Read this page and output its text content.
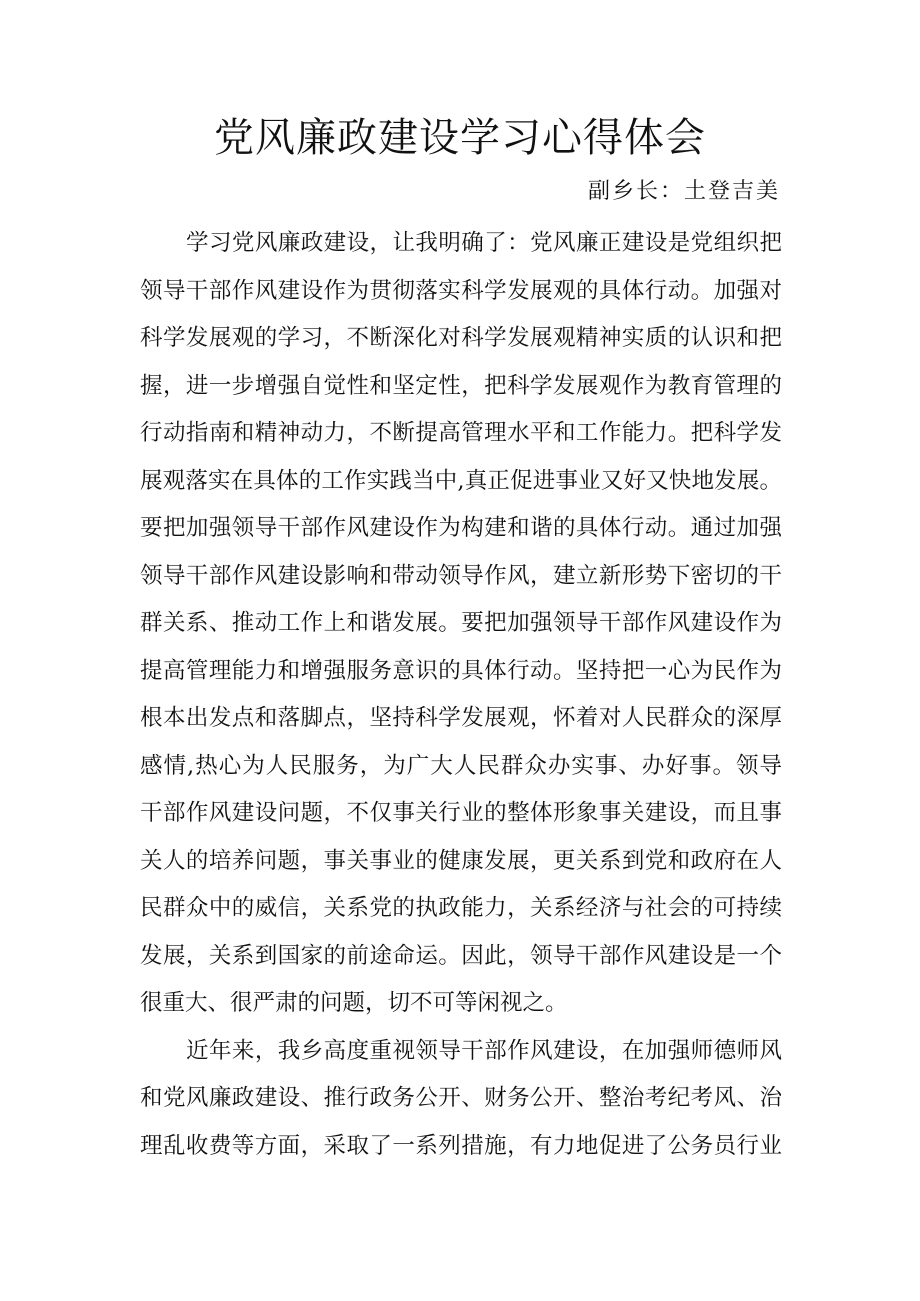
党风廉政建设学习心得体会
副乡长：土登吉美
学习党风廉政建设，让我明确了：党风廉正建设是党组织把
领导干部作风建设作为贯彻落实科学发展观的具体行动。加强对
科学发展观的学习，不断深化对科学发展观精神实质的认识和把
握，进一步增强自觉性和坚定性，把科学发展观作为教育管理的
行动指南和精神动力，不断提高管理水平和工作能力。把科学发
展观落实在具体的工作实践当中,真正促进事业又好又快地发展。
要把加强领导干部作风建设作为构建和谐的具体行动。通过加强
领导干部作风建设影响和带动领导作风，建立新形势下密切的干
群关系、推动工作上和谐发展。要把加强领导干部作风建设作为
提高管理能力和增强服务意识的具体行动。坚持把一心为民作为
根本出发点和落脚点，坚持科学发展观，怀着对人民群众的深厚
感情,热心为人民服务，为广大人民群众办实事、办好事。领导
干部作风建设问题，不仅事关行业的整体形象事关建设，而且事
关人的培养问题，事关事业的健康发展，更关系到党和政府在人
民群众中的威信，关系党的执政能力，关系经济与社会的可持续
发展，关系到国家的前途命运。因此，领导干部作风建设是一个
很重大、很严肃的问题，切不可等闲视之。
近年来，我乡高度重视领导干部作风建设，在加强师德师风
和党风廉政建设、推行政务公开、财务公开、整治考纪考风、治
理乱收费等方面，采取了一系列措施，有力地促进了公务员行业
